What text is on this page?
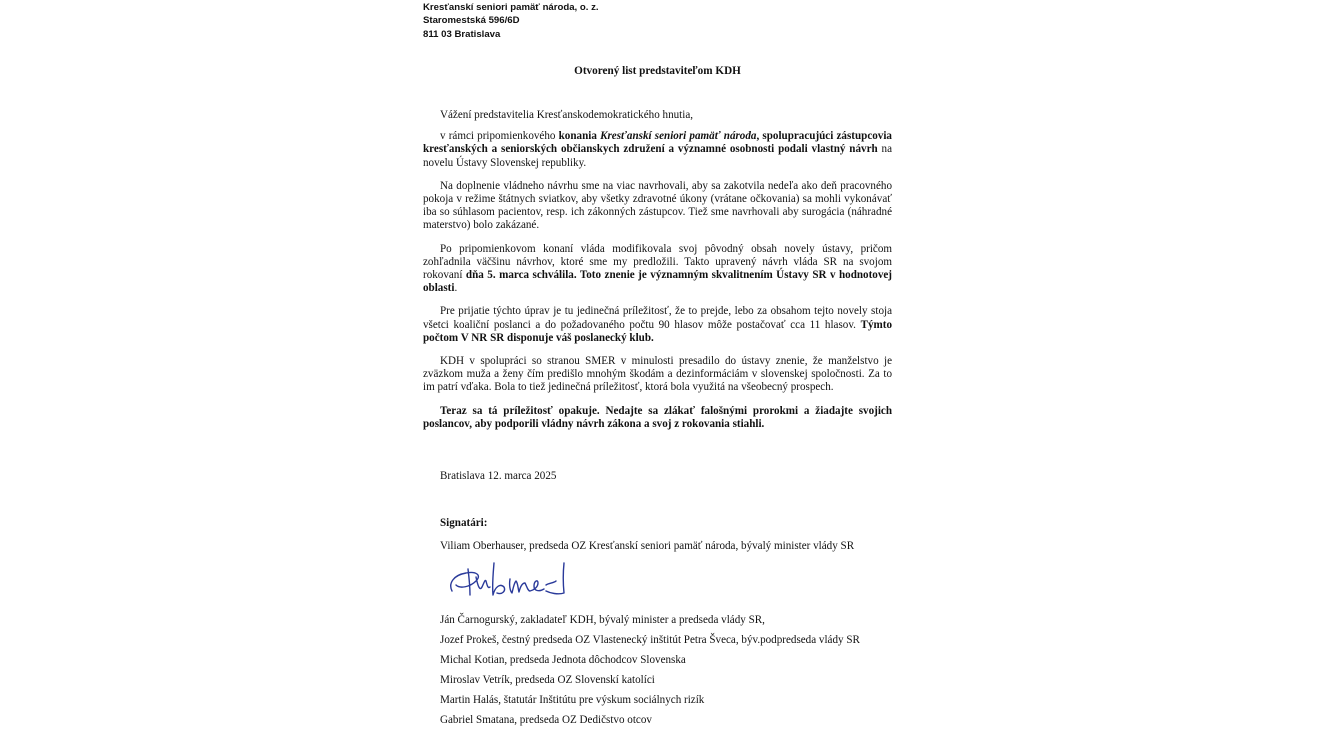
Kresťanskí seniori pamäť národa, o. z.
Staromestská 596/6D
811 03 Bratislava
Otvorený list predstaviteľom KDH
Vážení predstavitelia Kresťanskodemokratického hnutia,

v rámci pripomienkového konania Kresťanskí seniori pamäť národa, spolupracujúci zástupcovia kresťanských a seniorských občianskych združení a významné osobnosti podali vlastný návrh na novelu Ústavy Slovenskej republiky.

Na doplnenie vládneho návrhu sme na viac navrhovali, aby sa zakotvila nedeľa ako deň pracovného pokoja v režime štátnych sviatkov, aby všetky zdravotné úkony (vrátane očkovania) sa mohli vykonávať iba so súhlasom pacientov, resp. ich zákonných zástupcov. Tiež sme navrhovali aby surogácia (náhradné materstvo) bolo zakázané.

Po pripomienkovom konaní vláda modifikovala svoj pôvodný obsah novely ústavy, pričom zohľadnila väčšinu návrhov, ktoré sme my predložili. Takto upravený návrh vláda SR na svojom rokovaní dňa 5. marca schválila. Toto znenie je významným skvalitnením Ústavy SR v hodnotovej oblasti.

Pre prijatie týchto úprav je tu jedinečná príležitosť, že to prejde, lebo za obsahom tejto novely stoja všetci koaliční poslanci a do požadovaného počtu 90 hlasov môže postačovať cca 11 hlasov. Týmto počtom V NR SR disponuje váš poslanecký klub.

KDH v spolupráci so stranou SMER v minulosti presadilo do ústavy znenie, že manželstvo je zväzkom muža a ženy čím predišlo mnohým škodám a dezinformáciám v slovenskej spoločnosti. Za to im patrí vďaka. Bola to tiež jedinečná príležitosť, ktorá bola využitá na všeobecný prospech.

Teraz sa tá príležitosť opakuje. Nedajte sa zlákať falošnými prorokmi a žiadajte svojich poslancov, aby podporili vládny návrh zákona a svoj z rokovania stiahli.

Bratislava 12. marca 2025
Signatári:
Viliam Oberhauser, predseda OZ Kresťanskí seniori pamäť národa, bývalý minister vlády SR
Ján Čarnogurský, zakladateľ KDH, bývalý minister a predseda vlády SR,
Jozef Prokeš, čestný predseda OZ Vlastenecký inštitút Petra Šveca, býv.podpredseda vlády SR
Michal Kotian, predseda Jednota dôchodcov Slovenska
Miroslav Vetrík, predseda OZ Slovenskí katolíci
Martin Halás, štatutár Inštitútu pre výskum sociálnych rizík
Gabriel Smatana, predseda OZ Dedičstvo otcov
